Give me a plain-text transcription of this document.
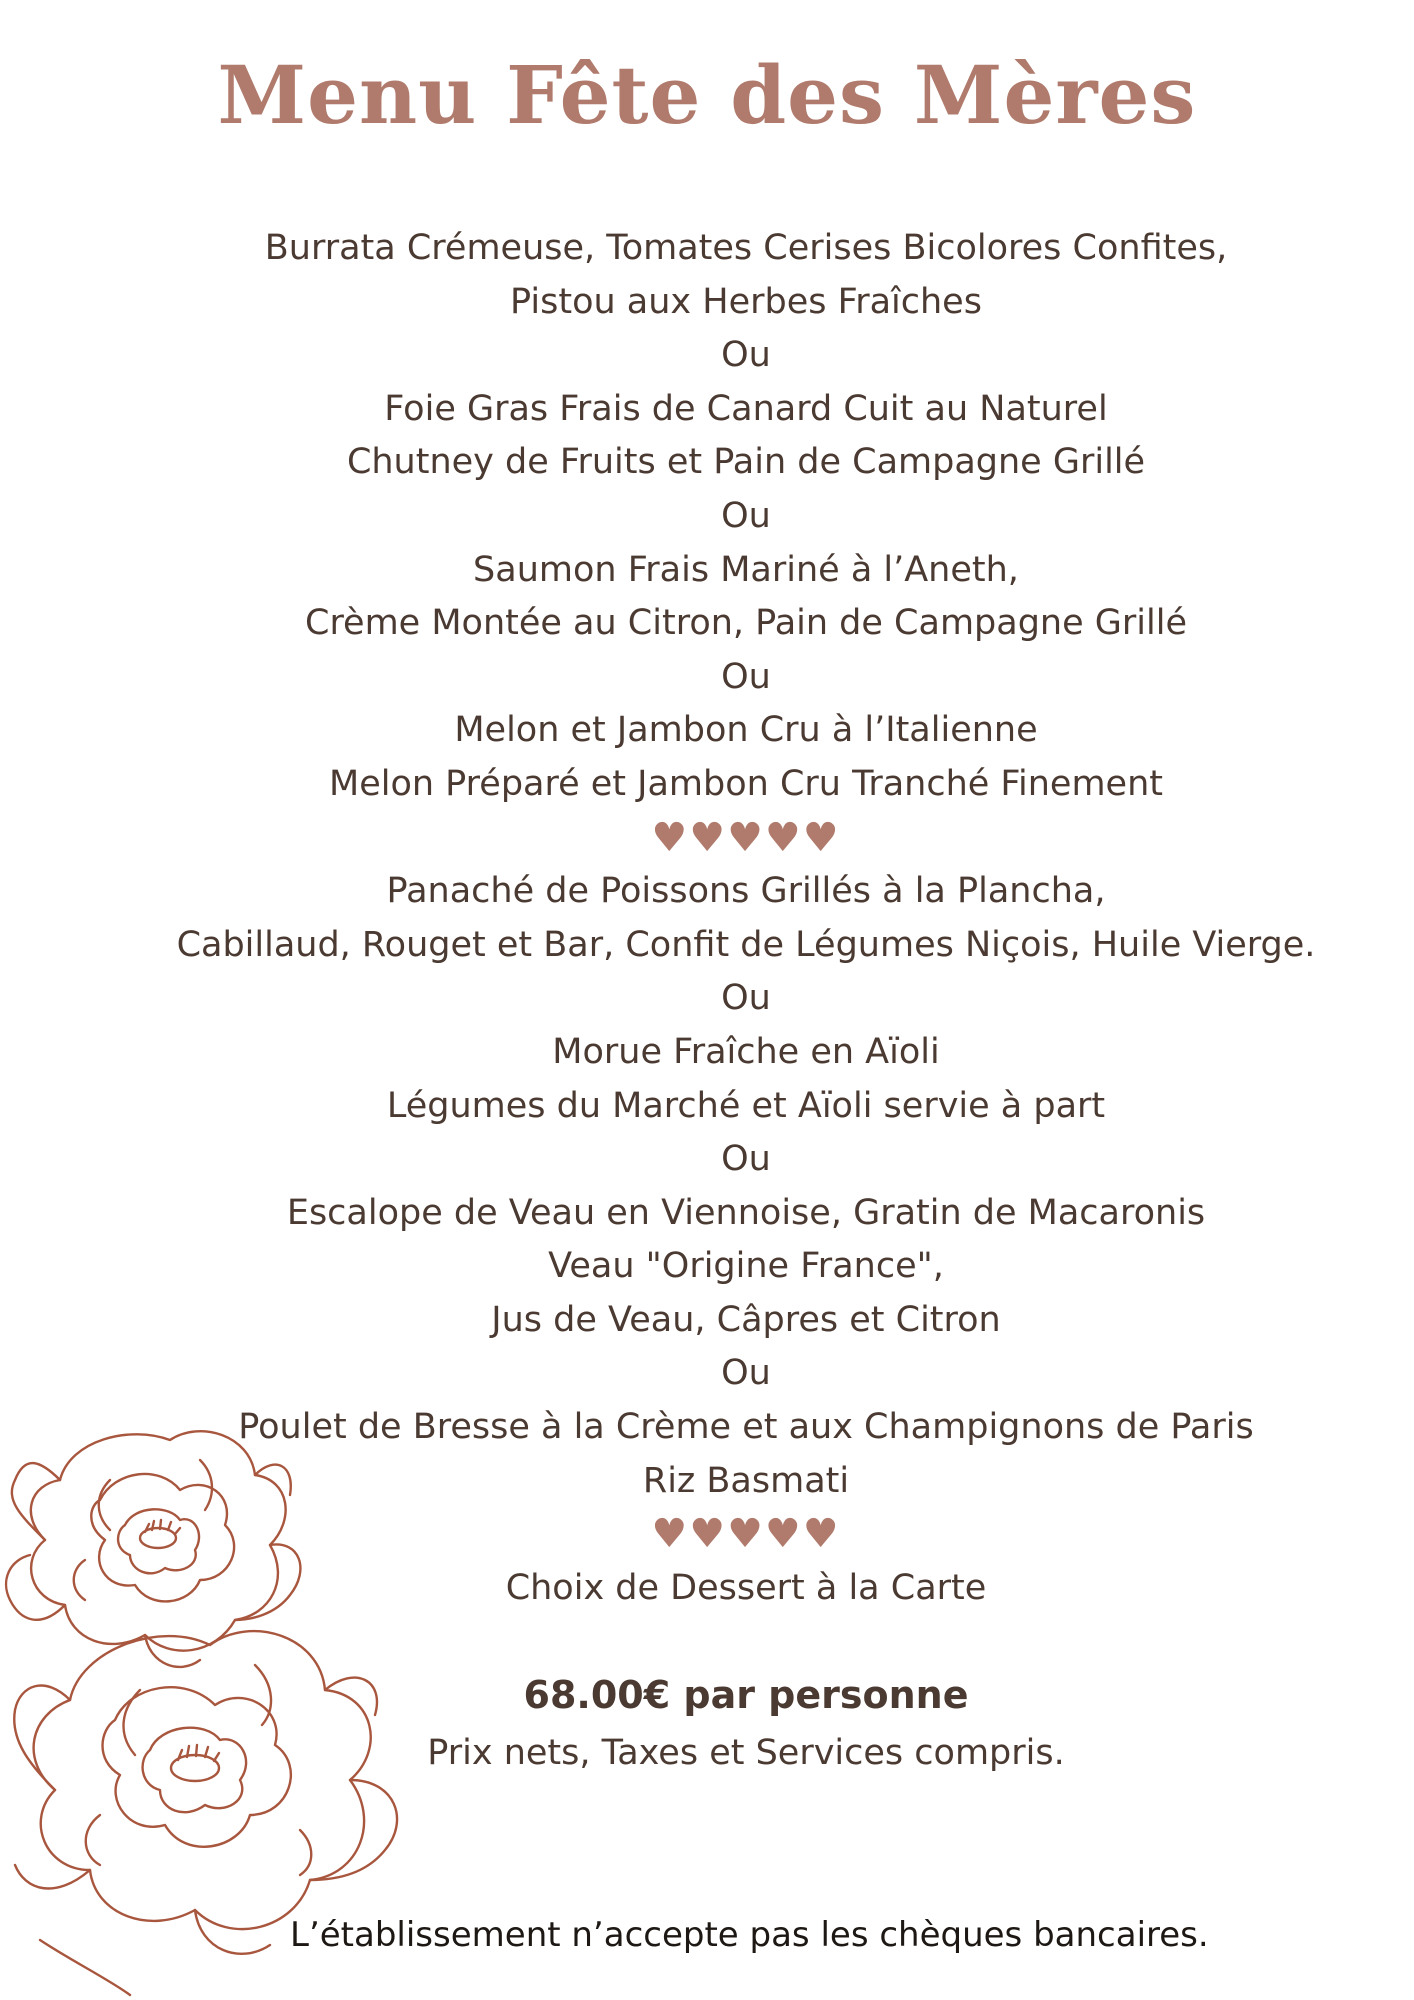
Menu Fête des Mères
Burrata Crémeuse, Tomates Cerises Bicolores Confites,
Pistou aux Herbes Fraîches
Ou
Foie Gras Frais de Canard Cuit au Naturel
Chutney de Fruits et Pain de Campagne Grillé
Ou
Saumon Frais Mariné à l’Aneth,
Crème Montée au Citron, Pain de Campagne Grillé
Ou
Melon et Jambon Cru à l’Italienne
Melon Préparé et Jambon Cru Tranché Finement
♥♥♥♥♥
Panaché de Poissons Grillés à la Plancha,
Cabillaud, Rouget et Bar, Confit de Légumes Niçois, Huile Vierge.
Ou
Morue Fraîche en Aïoli
Légumes du Marché et Aïoli servie à part
Ou
Escalope de Veau en Viennoise, Gratin de Macaronis
Veau "Origine France",
Jus de Veau, Câpres et Citron
Ou
Poulet de Bresse à la Crème et aux Champignons de Paris
Riz Basmati
♥♥♥♥♥
Choix de Dessert à la Carte
68.00€ par personne
Prix nets, Taxes et Services compris.
L’établissement n’accepte pas les chèques bancaires.
